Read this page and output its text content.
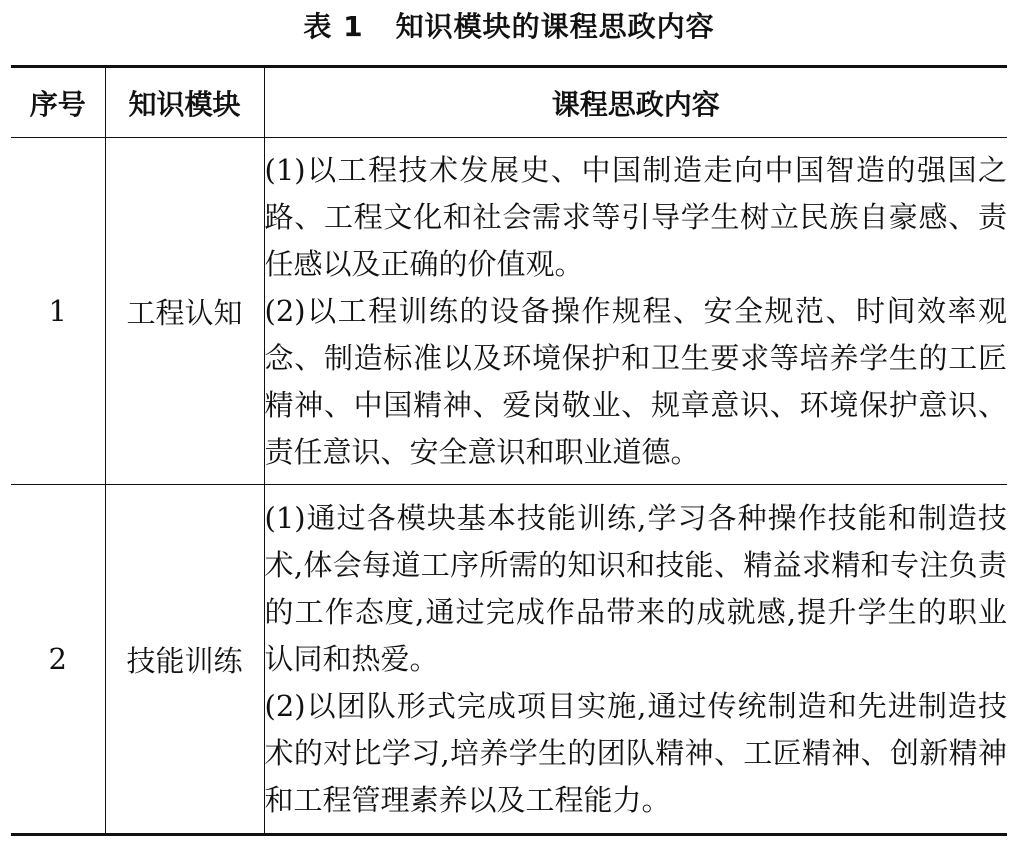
表 1 知识模块的课程思政内容
序号	知识模块	课程思政内容
1	工程认知	(1)以工程技术发展史、中国制造走向中国智造的强国之路、工程文化和社会需求等引导学生树立民族自豪感、责任感以及正确的价值观。

(2)以工程训练的设备操作规程、安全规范、时间效率观念、制造标准以及环境保护和卫生要求等培养学生的工匠精神、中国精神、爱岗敬业、规章意识、环境保护意识、责任意识、安全意识和职业道德。

2	技能训练	(1)通过各模块基本技能训练,学习各种操作技能和制造技术,体会每道工序所需的知识和技能、精益求精和专注负责的工作态度,通过完成作品带来的成就感,提升学生的职业认同和热爱。

(2)以团队形式完成项目实施,通过传统制造和先进制造技术的对比学习,培养学生的团队精神、工匠精神、创新精神和工程管理素养以及工程能力。
